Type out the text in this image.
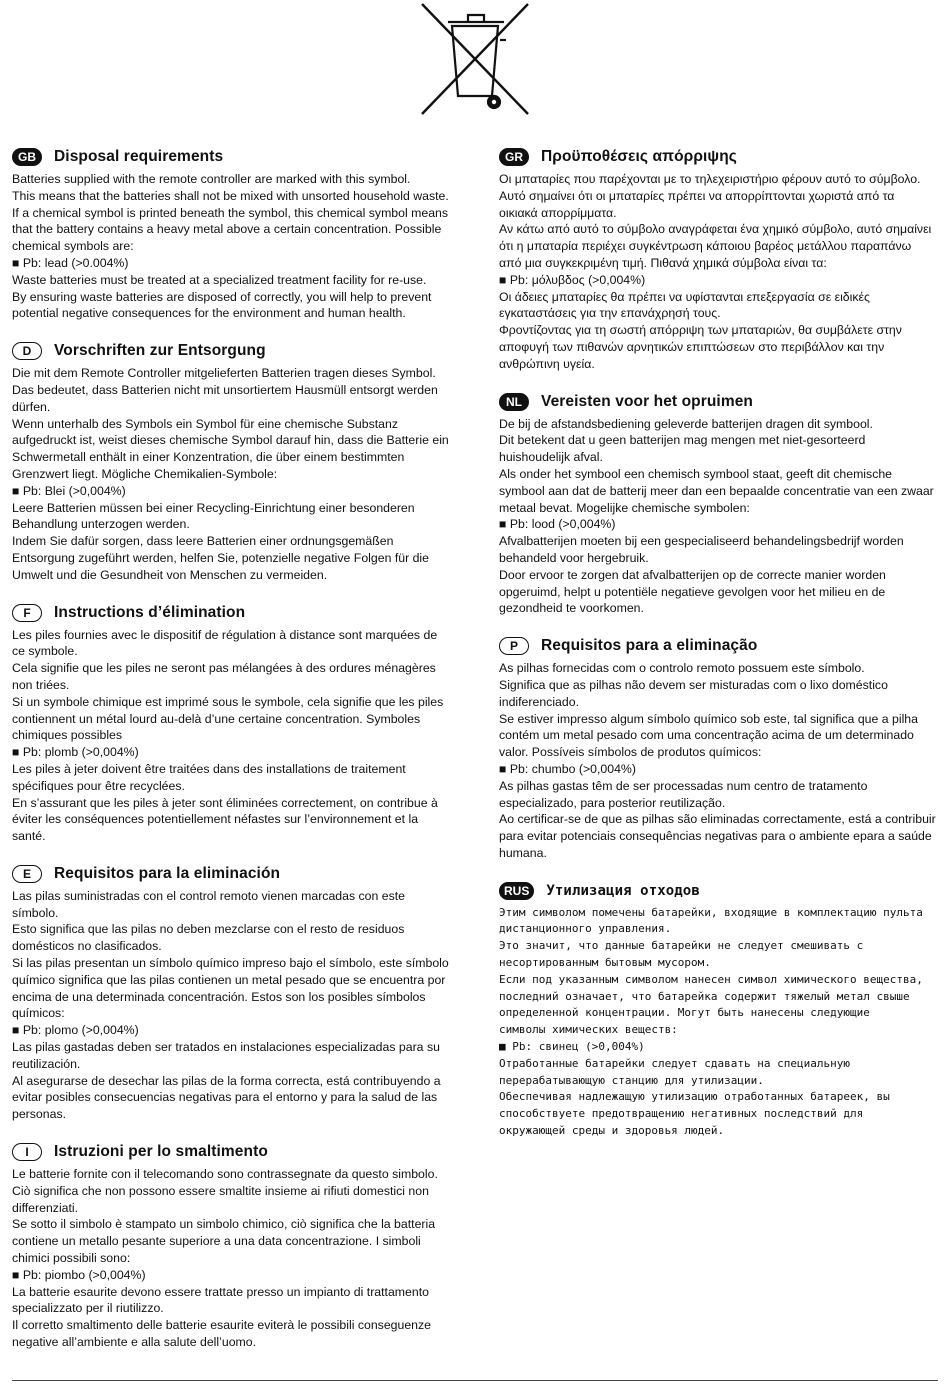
GB	Disposal requirements

Batteries supplied with the remote controller are marked with this symbol.

This means that the batteries shall not be mixed with unsorted household waste.

If a chemical symbol is printed beneath the symbol, this chemical symbol means

that the battery contains a heavy metal above a certain concentration. Possible

chemical symbols are:

■ Pb: lead (>0.004%)

Waste batteries must be treated at a specialized treatment facility for re-use.

By ensuring waste batteries are disposed of correctly, you will help to prevent

potential negative consequences for the environment and human health.

D	Vorschriften zur Entsorgung

Die mit dem Remote Controller mitgelieferten Batterien tragen dieses Symbol.

Das bedeutet, dass Batterien nicht mit unsortiertem Hausmüll entsorgt werden

dürfen.

Wenn unterhalb des Symbols ein Symbol für eine chemische Substanz

aufgedruckt ist, weist dieses chemische Symbol darauf hin, dass die Batterie ein

Schwermetall enthält in einer Konzentration, die über einem bestimmten

Grenzwert liegt. Mögliche Chemikalien-Symbole:

■ Pb: Blei (>0,004%)

Leere Batterien müssen bei einer Recycling-Einrichtung einer besonderen

Behandlung unterzogen werden.

Indem Sie dafür sorgen, dass leere Batterien einer ordnungsgemäßen

Entsorgung zugeführt werden, helfen Sie, potenzielle negative Folgen für die

Umwelt und die Gesundheit von Menschen zu vermeiden.

F	Instructions d’élimination

Les piles fournies avec le dispositif de régulation à distance sont marquées de

ce symbole.

Cela signifie que les piles ne seront pas mélangées à des ordures ménagères

non triées.

Si un symbole chimique est imprimé sous le symbole, cela signifie que les piles

contiennent un métal lourd au-delà d’une certaine concentration. Symboles

chimiques possibles

■ Pb: plomb (>0,004%)

Les piles à jeter doivent être traitées dans des installations de traitement

spécifiques pour être recyclées.

En s’assurant que les piles à jeter sont éliminées correctement, on contribue à

éviter les conséquences potentiellement néfastes sur l’environnement et la

santé.

E	Requisitos para la eliminación

Las pilas suministradas con el control remoto vienen marcadas con este

símbolo.

Esto significa que las pilas no deben mezclarse con el resto de residuos

domésticos no clasificados.

Si las pilas presentan un símbolo químico impreso bajo el símbolo, este símbolo

químico significa que las pilas contienen un metal pesado que se encuentra por

encima de una determinada concentración. Estos son los posibles símbolos

químicos:

■ Pb: plomo (>0,004%)

Las pilas gastadas deben ser tratados en instalaciones especializadas para su

reutilización.

Al asegurarse de desechar las pilas de la forma correcta, está contribuyendo a

evitar posibles consecuencias negativas para el entorno y para la salud de las

personas.

I	Istruzioni per lo smaltimento

Le batterie fornite con il telecomando sono contrassegnate da questo simbolo.

Ciò significa che non possono essere smaltite insieme ai rifiuti domestici non

differenziati.

Se sotto il simbolo è stampato un simbolo chimico, ciò significa che la batteria

contiene un metallo pesante superiore a una data concentrazione. I simboli

chimici possibili sono:

■ Pb: piombo (>0,004%)

La batterie esaurite devono essere trattate presso un impianto di trattamento

specializzato per il riutilizzo.

Il corretto smaltimento delle batterie esaurite eviterà le possibili conseguenze

negative all’ambiente e alla salute dell’uomo.

GR	Προϋποθέσεις απόρριψης

Οι μπαταρίες που παρέχονται με το τηλεχειριστήριο φέρουν αυτό το σύμβολο.

Αυτό σημαίνει ότι οι μπαταρίες πρέπει να απορρίπτονται χωριστά από τα

οικιακά απορρίμματα.

Αν κάτω από αυτό το σύμβολο αναγράφεται ένα χημικό σύμβολο, αυτό σημαίνει

ότι η μπαταρία περιέχει συγκέντρωση κάποιου βαρέος μετάλλου παραπάνω

από μια συγκεκριμένη τιμή. Πιθανά χημικά σύμβολα είναι τα:

■ Pb: μόλυβδος (>0,004%)

Οι άδειες μπαταρίες θα πρέπει να υφίστανται επεξεργασία σε ειδικές

εγκαταστάσεις για την επανάχρησή τους.

Φροντίζοντας για τη σωστή απόρριψη των μπαταριών, θα συμβάλετε στην

αποφυγή των πιθανών αρνητικών επιπτώσεων στο περιβάλλον και την

ανθρώπινη υγεία.

NL	Vereisten voor het opruimen

De bij de afstandsbediening geleverde batterijen dragen dit symbool.

Dit betekent dat u geen batterijen mag mengen met niet-gesorteerd

huishoudelijk afval.

Als onder het symbool een chemisch symbool staat, geeft dit chemische

symbool aan dat de batterij meer dan een bepaalde concentratie van een zwaar

metaal bevat. Mogelijke chemische symbolen:

■ Pb: lood (>0,004%)

Afvalbatterijen moeten bij een gespecialiseerd behandelingsbedrijf worden

behandeld voor hergebruik.

Door ervoor te zorgen dat afvalbatterijen op de correcte manier worden

opgeruimd, helpt u potentiële negatieve gevolgen voor het milieu en de

gezondheid te voorkomen.

P	Requisitos para a eliminação

As pilhas fornecidas com o controlo remoto possuem este símbolo.

Significa que as pilhas não devem ser misturadas com o lixo doméstico

indiferenciado.

Se estiver impresso algum símbolo químico sob este, tal significa que a pilha

contém um metal pesado com uma concentração acima de um determinado

valor. Possíveis símbolos de produtos químicos:

■ Pb: chumbo (>0,004%)

As pilhas gastas têm de ser processadas num centro de tratamento

especializado, para posterior reutilização.

Ao certificar-se de que as pilhas são eliminadas correctamente, está a contribuir

para evitar potenciais consequências negativas para o ambiente epara a saúde

humana.

RUS	Утилизация отходов

Этим символом помечены батарейки, входящие в комплектацию пульта

дистанционного управления.

Это значит, что данные батарейки не следует смешивать с

несортированным бытовым мусором.

Если под указанным символом нанесен символ химического вещества,

последний означает, что батарейка содержит тяжелый метал свыше

определенной концентрации. Могут быть нанесены следующие

символы химических веществ:

■ Pb: свинец (>0,004%)

Отработанные батарейки следует сдавать на специальную

перерабатывающую станцию для утилизации.

Обеспечивая надлежащую утилизацию отработанных батареек, вы

способствуете предотвращению негативных последствий для

окружающей среды и здоровья людей.
